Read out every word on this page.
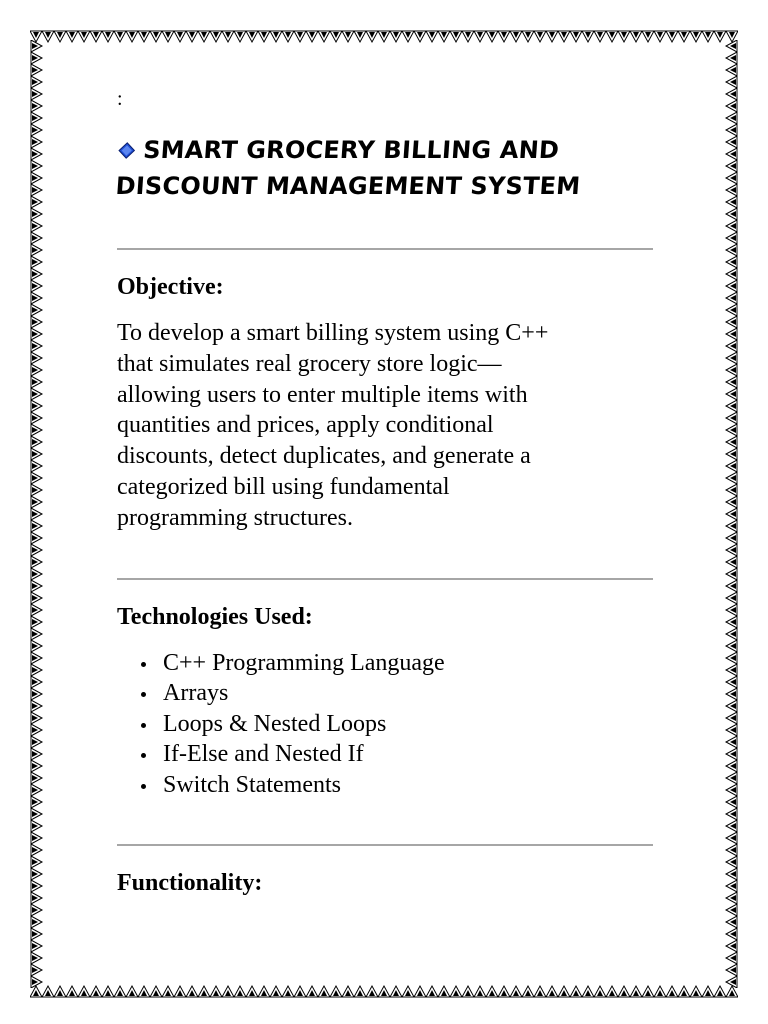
:

SMART GROCERY BILLING AND
DISCOUNT MANAGEMENT SYSTEM

Objective:

To develop a smart billing system using C++
that simulates real grocery store logic—
allowing users to enter multiple items with
quantities and prices, apply conditional
discounts, detect duplicates, and generate a
categorized bill using fundamental
programming structures.

Technologies Used:

C++ Programming Language
Arrays
Loops & Nested Loops
If-Else and Nested If
Switch Statements

Functionality:
